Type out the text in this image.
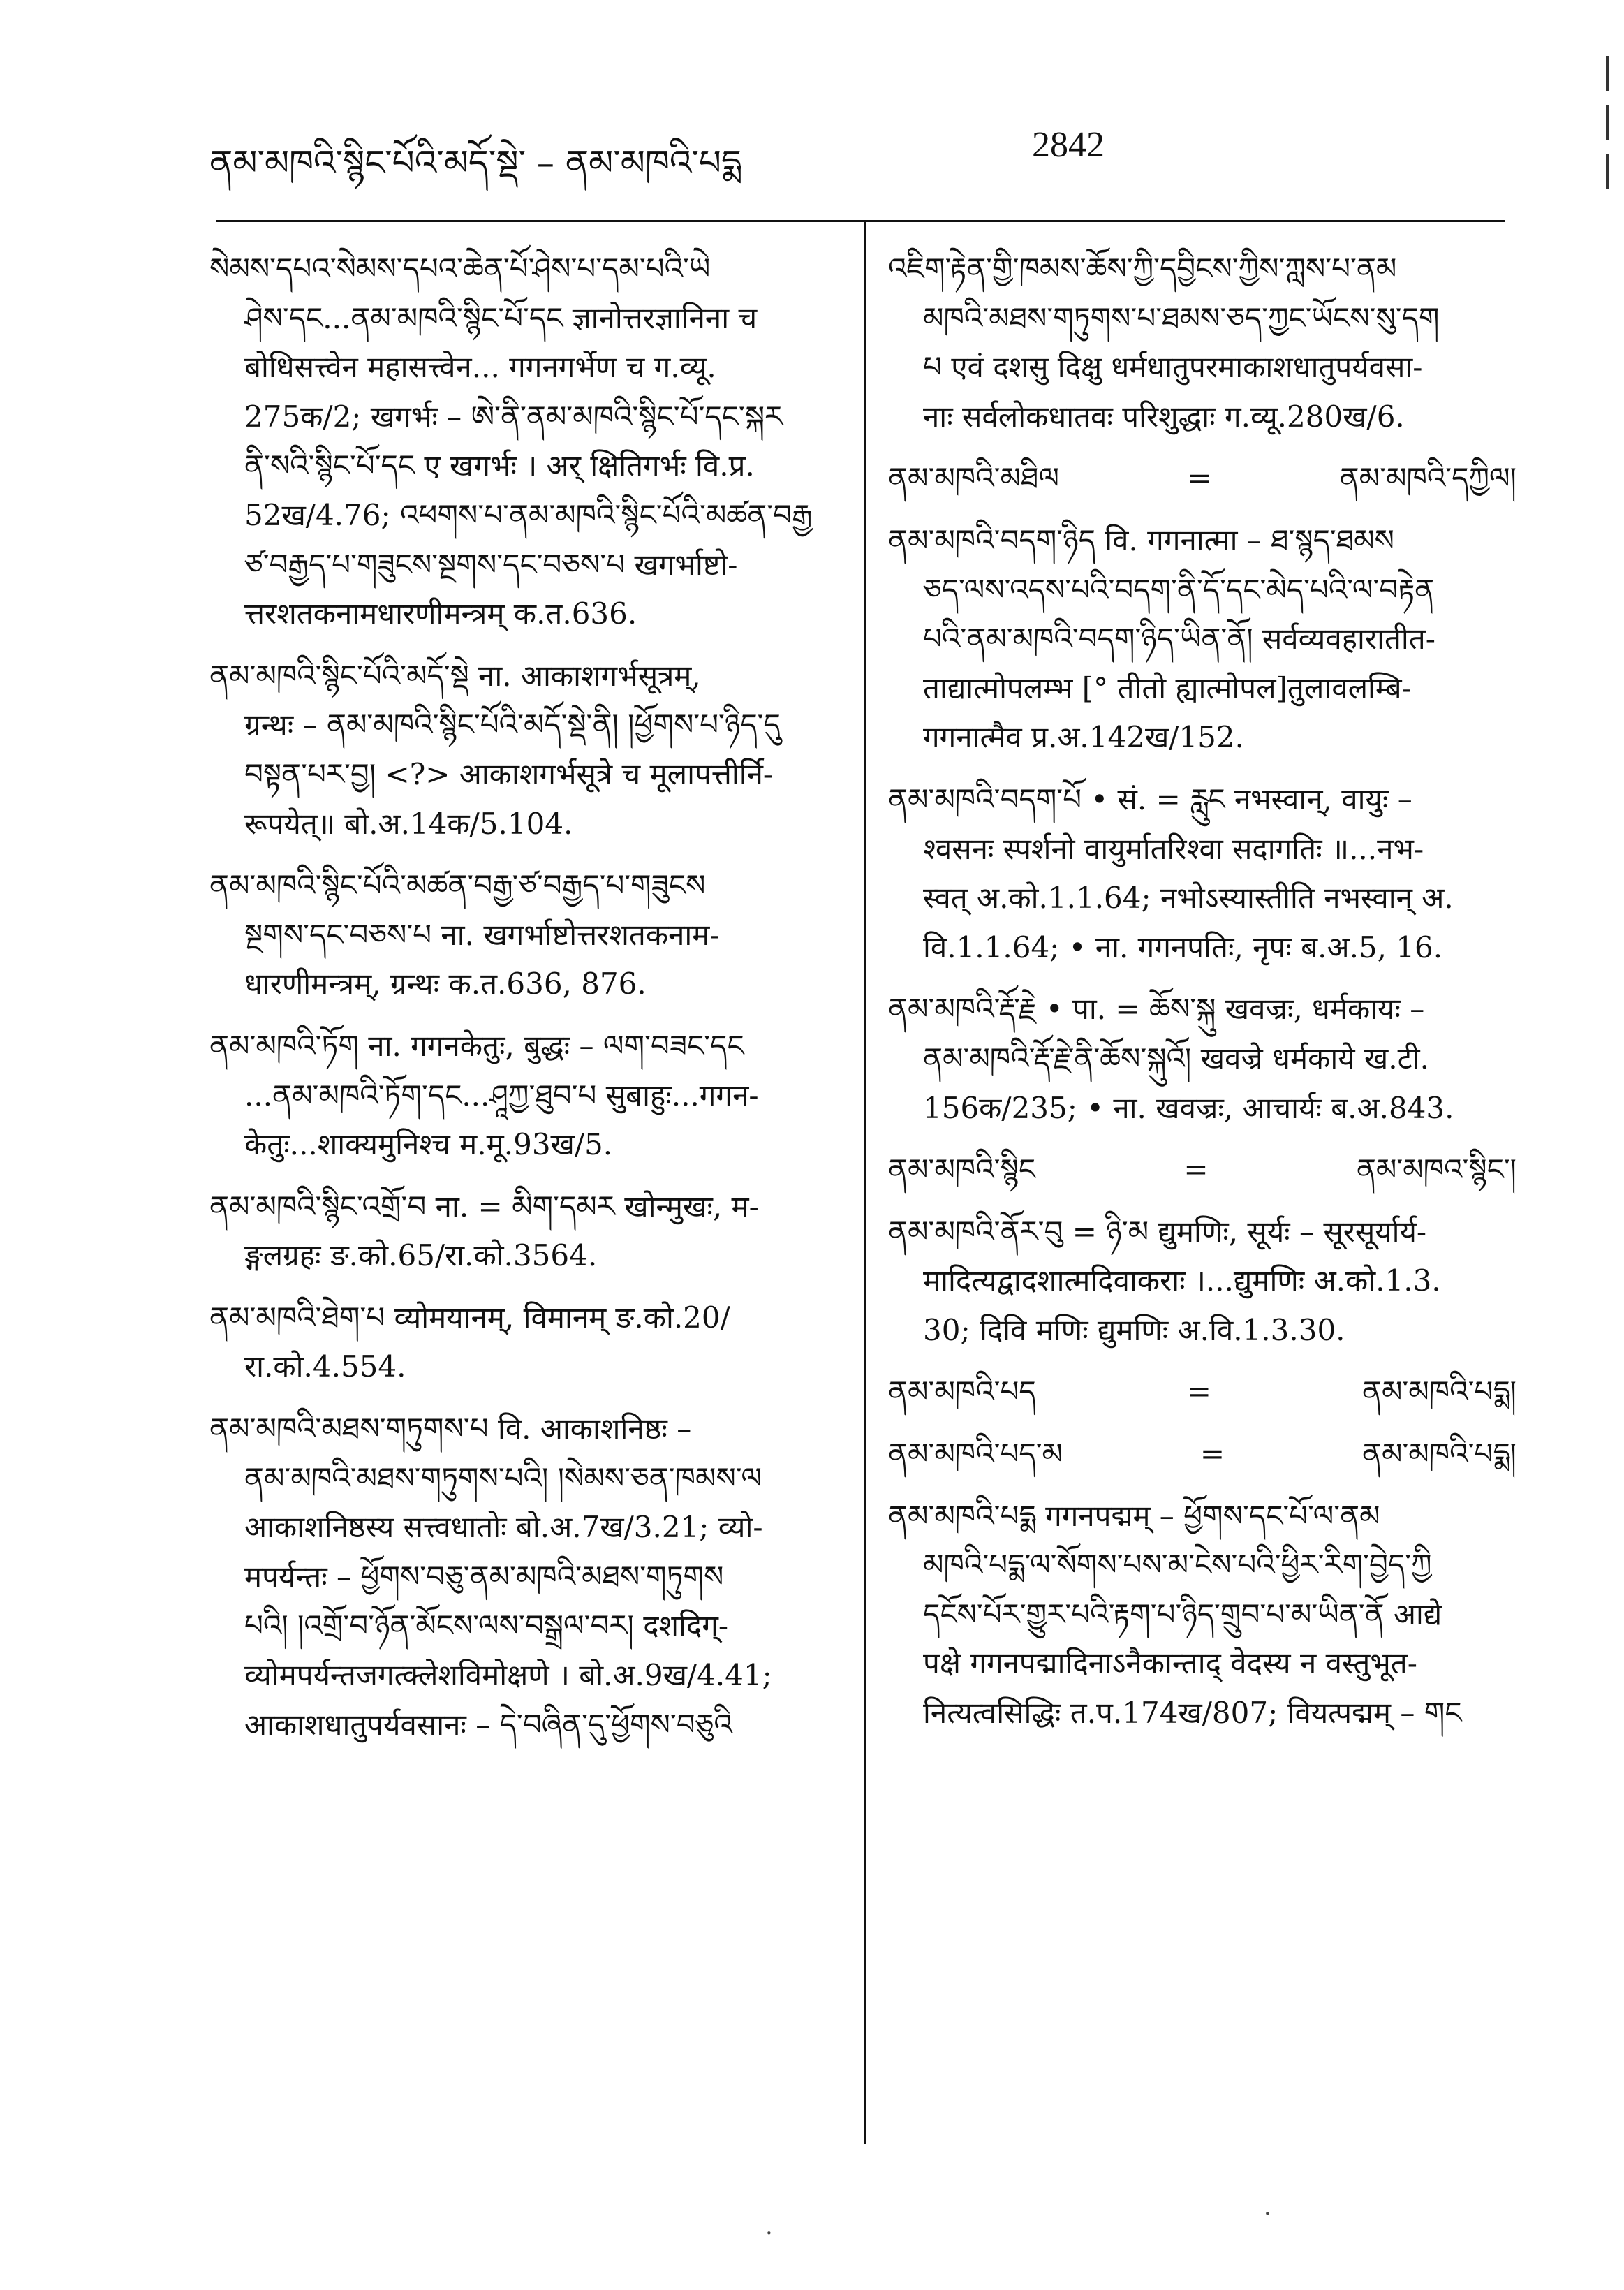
ནམ་མཁའི་སྙིང་པོའི་མདོ་སྡེ་ – ནམ་མཁའི་པདྨ	2842
སེམས་དཔའ་སེམས་དཔའ་ཆེན་པོ་ཤེས་པ་དམ་པའི་ཡེ
ཤེས་དང...ནམ་མཁའི་སྙིང་པོ་དང ज्ञानोत्तरज्ञानिना च
बोधिसत्त्वेन महासत्त्वेन... गगनगर्भेण च ग.व्यू.
275क/2; खगर्भः – ཨེ་ནི་ནམ་མཁའི་སྙིང་པོ་དང་སྐར
ནི་སའི་སྙིང་པོ་དང ए खगर्भः । अर् क्षितिगर्भः वि.प्र.
52ख/4.76; འཕགས་པ་ནམ་མཁའི་སྙིང་པོའི་མཚན་བརྒྱ
ཙ་བརྒྱད་པ་གཟུངས་སྔགས་དང་བཅས་པ खगर्भाष्टो-
त्तरशतकनामधारणीमन्त्रम् क.त.636.
ནམ་མཁའི་སྙིང་པོའི་མདོ་སྡེ ना. आकाशगर्भसूत्रम्,
ग्रन्थः – ནམ་མཁའི་སྙིང་པོའི་མདོ་སྡེ་ནི། །ཕྱོགས་པ་ཉིད་དུ
བསྟན་པར་བྱ། <?> आकाशगर्भसूत्रे च मूलापत्तीर्नि-
रूपयेत्॥ बो.अ.14क/5.104.
ནམ་མཁའི་སྙིང་པོའི་མཚན་བརྒྱ་ཙ་བརྒྱད་པ་གཟུངས
སྔགས་དང་བཅས་པ ना. खगर्भाष्टोत्तरशतकनाम-
धारणीमन्त्रम्, ग्रन्थः क.त.636, 876.
ནམ་མཁའི་ཏོག ना. गगनकेतुः, बुद्धः – ལག་བཟང་དང
...ནམ་མཁའི་ཏོག་དང...ཤཱཀྱ་ཐུབ་པ सुबाहुः...गगन-
केतुः...शाक्यमुनिश्च म.मू.93ख/5.
ནམ་མཁའི་སྙིང་འགྲོ་བ ना. = མིག་དམར खोन्मुखः, म-
ङ्गलग्रहः ङ.को.65/रा.को.3564.
ནམ་མཁའི་ཐེག་པ व्योमयानम्, विमानम् ङ.को.20/
रा.को.4.554.
ནམ་མཁའི་མཐས་གཏུགས་པ वि. आकाशनिष्ठः –
ནམ་མཁའི་མཐས་གཏུགས་པའི། །སེམས་ཅན་ཁམས་ལ
आकाशनिष्ठस्य सत्त्वधातोः बो.अ.7ख/3.21; व्यो-
मपर्यन्तः – ཕྱོགས་བཅུ་ནམ་མཁའི་མཐས་གཏུགས
པའི། །འགྲོ་བ་ཉོན་མོངས་ལས་བསྒྲལ་བར། दशदिग्-
व्योमपर्यन्तजगत्क्लेशविमोक्षणे । बो.अ.9ख/4.41;
आकाशधातुपर्यवसानः – དེ་བཞིན་དུ་ཕྱོགས་བཅུའི
འཇིག་རྟེན་གྱི་ཁམས་ཆོས་ཀྱི་དབྱིངས་ཀྱིས་ཀླས་པ་ནམ
མཁའི་མཐས་གཏུགས་པ་ཐམས་ཅད་ཀྱང་ཡོངས་སུ་དག
པ एवं दशसु दिक्षु धर्मधातुपरमाकाशधातुपर्यवसा-
नाः सर्वलोकधातवः परिशुद्धाः ग.व्यू.280ख/6.
ནམ་མཁའི་མཐིལ	=	ནམ་མཁའི་དཀྱིལ།
ནམ་མཁའི་བདག་ཉིད वि. गगनात्मा – ཐ་སྙད་ཐམས
ཅད་ལས་འདས་པའི་བདག་ནི་དོ་དང་མེད་པའི་ལ་བརྟེན
པའི་ནམ་མཁའི་བདག་ཉིད་ཡིན་ནོ། सर्वव्यवहारातीत-
ताद्यात्मोपलम्भ [° तीतो ह्यात्मोपल]तुलावलम्बि-
गगनात्मैव प्र.अ.142ख/152.
ནམ་མཁའི་བདག་པོ • सं. = རླུང नभस्वान्, वायुः –
श्वसनः स्पर्शनो वायुर्मातरिश्वा सदागतिः ॥...नभ-
स्वत् अ.को.1.1.64; नभोऽस्यास्तीति नभस्वान् अ.
वि.1.1.64; • ना. गगनपतिः, नृपः ब.अ.5, 16.
ནམ་མཁའི་རྡོ་རྗེ • पा. = ཆོས་སྐུ खवज्रः, धर्मकायः –
ནམ་མཁའི་རྡོ་རྗེ་ནི་ཆོས་སྐུའོ། खवज्रे धर्मकाये ख.टी.
156क/235; • ना. खवज्रः, आचार्यः ब.अ.843.
ནམ་མཁའི་སྙིང	=	ནམ་མཁའ་སྙིང་།
ནམ་མཁའི་ནོར་བུ = ཉི་མ द्युमणिः, सूर्यः – सूरसूर्यार्य-
मादित्यद्वादशात्मदिवाकराः ।...द्युमणिः अ.को.1.3.
30; दिवि मणिः द्युमणिः अ.वि.1.3.30.
ནམ་མཁའི་པད	=	ནམ་མཁའི་པདྨ།
ནམ་མཁའི་པད་མ	=	ནམ་མཁའི་པདྨ།
ནམ་མཁའི་པདྨ गगनपद्मम् – ཕྱོགས་དང་པོ་ལ་ནམ
མཁའི་པདྨ་ལ་སོགས་པས་མ་ངེས་པའི་ཕྱིར་རིག་བྱེད་ཀྱི
དངོས་པོར་གྱུར་པའི་རྟག་པ་ཉིད་གྲུབ་པ་མ་ཡིན་ནོ आद्ये
पक्षे गगनपद्मादिनाऽनैकान्ताद् वेदस्य न वस्तुभूत-
नित्यत्वसिद्धिः त.प.174ख/807; वियत्पद्मम् – གང
·
·
